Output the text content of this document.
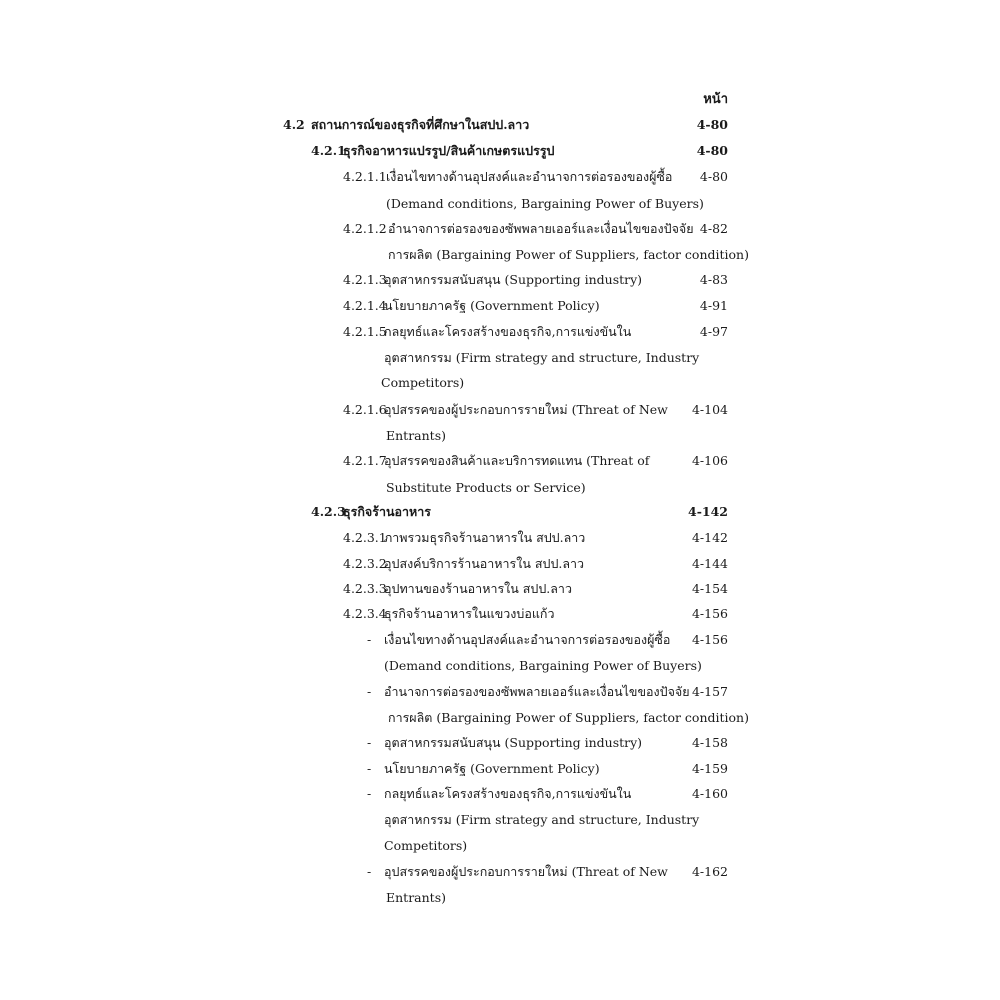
หน้า
4.2 สถานการณ์ของธุรกิจที่ศึกษาในสปป.ลาว	4-80
4.2.1
ธุรกิจอาหารแปรรูป/สินค้าเกษตรแปรรูป	4-80
4.2.1.1 เงื่อนไขทางด้านอุปสงค์และอำนาจการต่อรองของผู้ซื้อ 4-80
(Demand conditions, Bargaining Power of Buyers)
4.2.1.2 อำนาจการต่อรองของซัพพลายเออร์และเงื่อนไขของปัจจัย 4-82
การผลิต (Bargaining Power of Suppliers, factor condition)
4.2.1.3
อุตสาหกรรมสนับสนุน (Supporting industry)	4-83
4.2.1.4
นโยบายภาครัฐ (Government Policy)	4-91
4.2.1.5
กลยุทธ์และโครงสร้างของธุรกิจ,การแข่งขันใน	4-97
อุตสาหกรรม (Firm strategy and structure, Industry
Competitors)
4.2.1.6
อุปสรรคของผู้ประกอบการรายใหม่ (Threat of New 4-104
Entrants)
4.2.1.7
อุปสรรคของสินค้าและบริการทดแทน (Threat of	4-106
Substitute Products or Service)
4.2.3
ธุรกิจร้านอาหาร	4-142
4.2.3.1
ภาพรวมธุรกิจร้านอาหารใน สปป.ลาว	4-142
4.2.3.2
อุปสงค์บริการร้านอาหารใน สปป.ลาว	4-144
4.2.3.3
อุปทานของร้านอาหารใน สปป.ลาว	4-154
4.2.3.4
ธุรกิจร้านอาหารในแขวงบ่อแก้ว	4-156
- เงื่อนไขทางด้านอุปสงค์และอำนาจการต่อรองของผู้ซื้อ 4-156
(Demand conditions, Bargaining Power of Buyers)
- อำนาจการต่อรองของซัพพลายเออร์และเงื่อนไขของปัจจัย 4-157
การผลิต (Bargaining Power of Suppliers, factor condition)
- อุตสาหกรรมสนับสนุน (Supporting industry)	4-158
- นโยบายภาครัฐ (Government Policy)	4-159
- กลยุทธ์และโครงสร้างของธุรกิจ,การแข่งขันใน	4-160
อุตสาหกรรม (Firm strategy and structure, Industry
Competitors)
- อุปสรรคของผู้ประกอบการรายใหม่ (Threat of New 4-162
Entrants)
